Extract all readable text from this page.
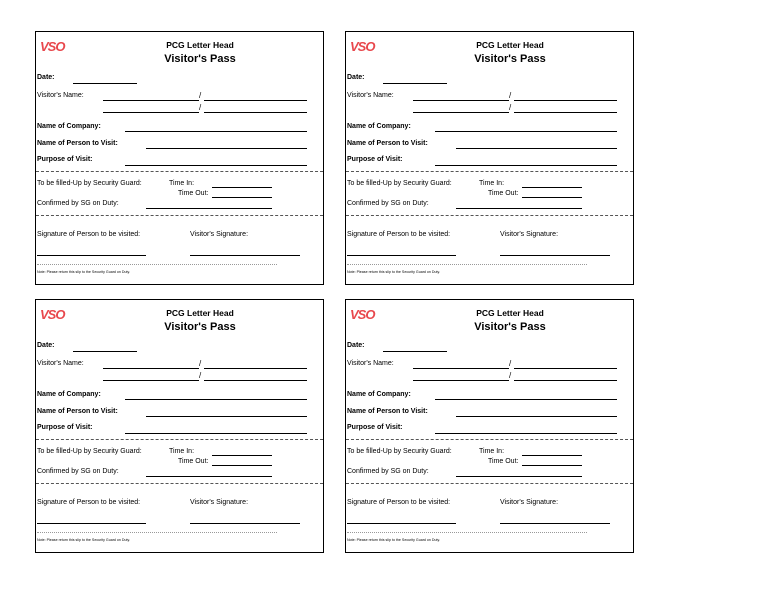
VSO	PCG Letter Head
Visitor's Pass
Date:
Visitor's Name:	/
/
Name of Company:
Name of Person to Visit:
Purpose of Visit:
To be filled-Up by Security Guard:	Time In:
Time Out:
Confirmed by SG on Duty:
Signature of Person to be visited:	Visitor's Signature:
Note: Please return this slip to the Security Guard on Duty.
VSO	PCG Letter Head
Visitor's Pass
Date:
Visitor's Name:	/
/
Name of Company:
Name of Person to Visit:
Purpose of Visit:
To be filled-Up by Security Guard:	Time In:
Time Out:
Confirmed by SG on Duty:
Signature of Person to be visited:	Visitor's Signature:
Note: Please return this slip to the Security Guard on Duty.
VSO	PCG Letter Head
Visitor's Pass
Date:
Visitor's Name:	/
/
Name of Company:
Name of Person to Visit:
Purpose of Visit:
To be filled-Up by Security Guard:	Time In:
Time Out:
Confirmed by SG on Duty:
Signature of Person to be visited:	Visitor's Signature:
Note: Please return this slip to the Security Guard on Duty.
VSO	PCG Letter Head
Visitor's Pass
Date:
Visitor's Name:	/
/
Name of Company:
Name of Person to Visit:
Purpose of Visit:
To be filled-Up by Security Guard:	Time In:
Time Out:
Confirmed by SG on Duty:
Signature of Person to be visited:	Visitor's Signature:
Note: Please return this slip to the Security Guard on Duty.
